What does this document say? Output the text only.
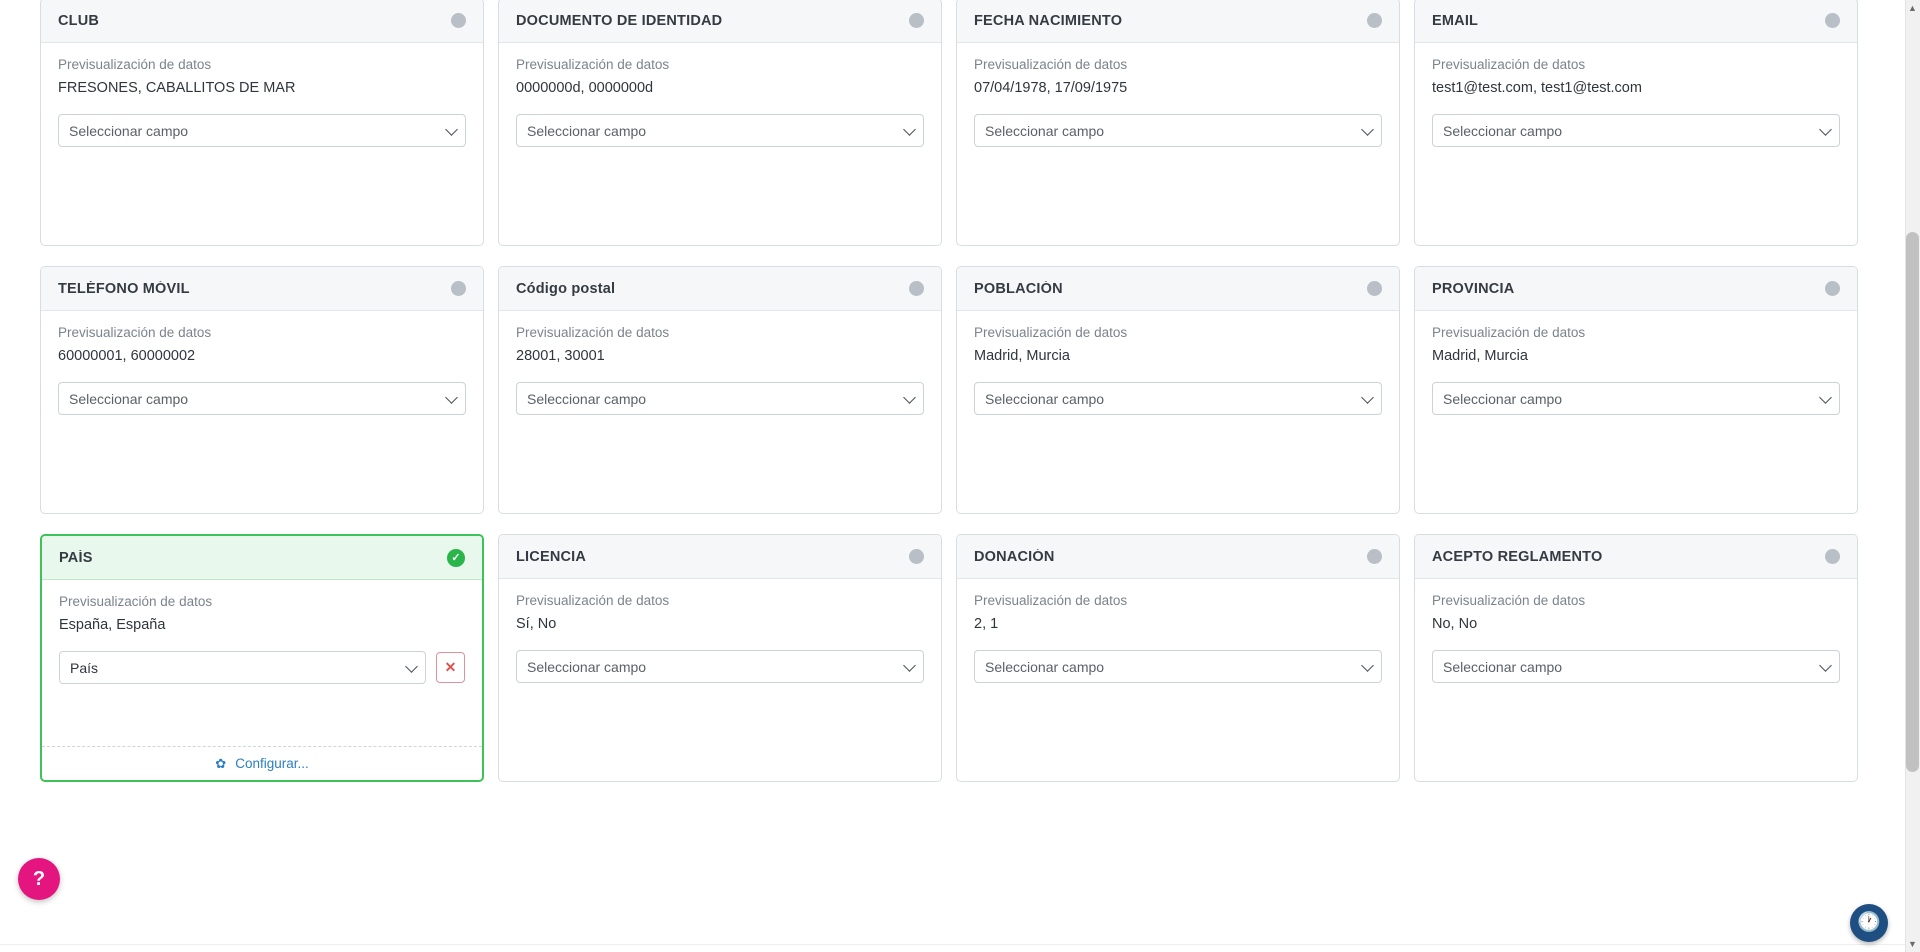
CLUB
Previsualización de datos
FRESONES, CABALLITOS DE MAR
Seleccionar campo
DOCUMENTO DE IDENTIDAD
Previsualización de datos
0000000d, 0000000d
Seleccionar campo
FECHA NACIMIENTO
Previsualización de datos
07/04/1978, 17/09/1975
Seleccionar campo
EMAIL
Previsualización de datos
test1@test.com, test1@test.com
Seleccionar campo
TELÉFONO MÓVIL
Previsualización de datos
60000001, 60000002
Seleccionar campo
Código postal
Previsualización de datos
28001, 30001
Seleccionar campo
POBLACIÓN
Previsualización de datos
Madrid, Murcia
Seleccionar campo
PROVINCIA
Previsualización de datos
Madrid, Murcia
Seleccionar campo
PAÍS	✓
Previsualización de datos
España, España
País	✕
✿ Configurar...
LICENCIA
Previsualización de datos
Sí, No
Seleccionar campo
DONACIÓN
Previsualización de datos
2, 1
Seleccionar campo
ACEPTO REGLAMENTO
Previsualización de datos
No, No
Seleccionar campo
?
🕐
▲
▼
